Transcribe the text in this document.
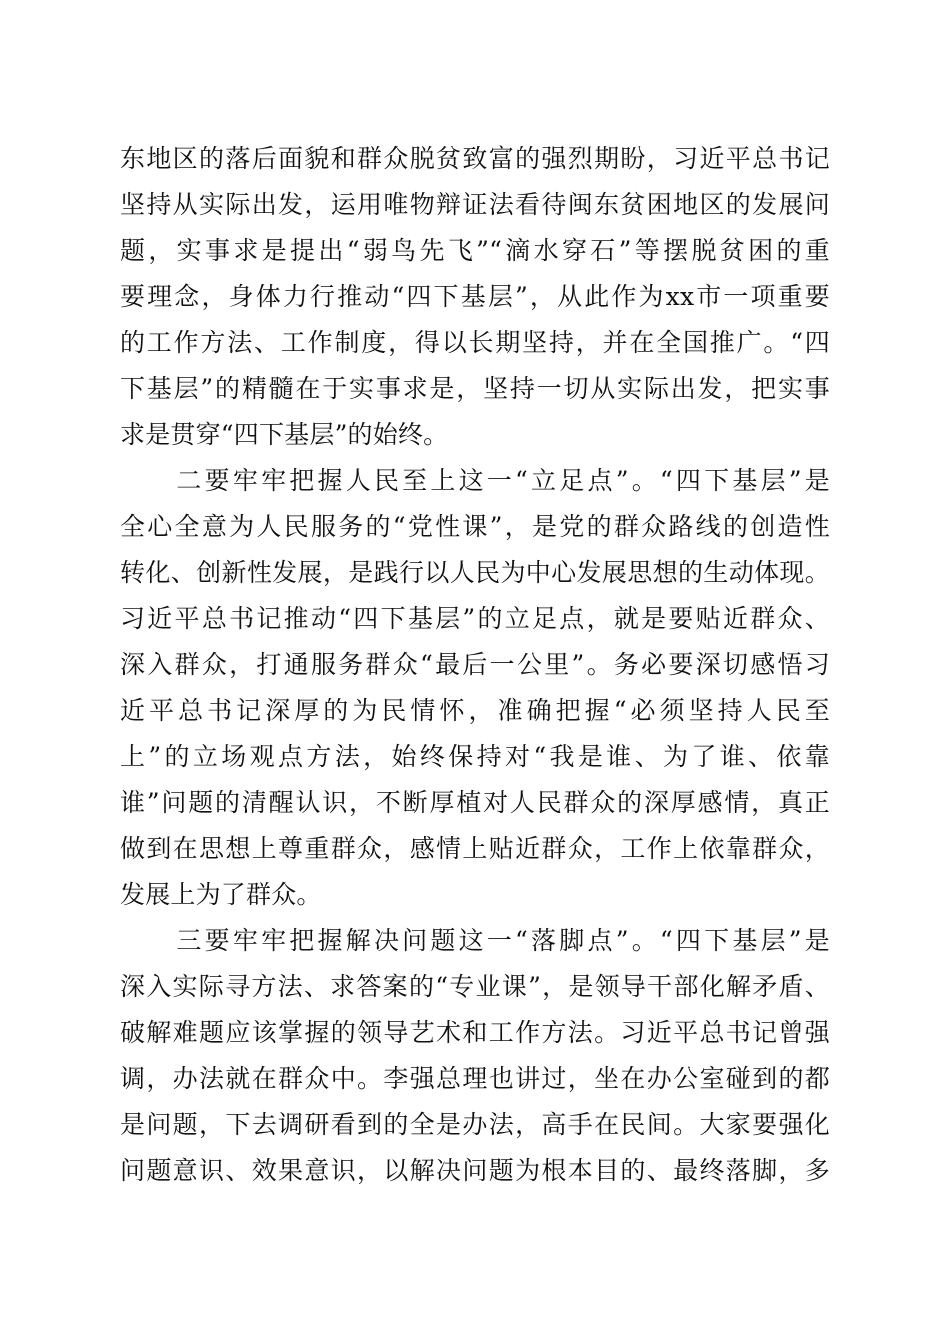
东地区的落后面貌和群众脱贫致富的强烈期盼，习近平总书记
坚持从实际出发，运用唯物辩证法看待闽东贫困地区的发展问
题，实事求是提出“弱鸟先飞”“滴水穿石”等摆脱贫困的重
要理念，身体力行推动“四下基层”，从此作为xx市一项重要
的工作方法、工作制度，得以长期坚持，并在全国推广。“四
下基层”的精髓在于实事求是，坚持一切从实际出发，把实事
求是贯穿“四下基层”的始终。
　　二要牢牢把握人民至上这一“立足点”。“四下基层”是
全心全意为人民服务的“党性课”，是党的群众路线的创造性
转化、创新性发展，是践行以人民为中心发展思想的生动体现。
习近平总书记推动“四下基层”的立足点，就是要贴近群众、
深入群众，打通服务群众“最后一公里”。务必要深切感悟习
近平总书记深厚的为民情怀，准确把握“必须坚持人民至
上”的立场观点方法，始终保持对“我是谁、为了谁、依靠
谁”问题的清醒认识，不断厚植对人民群众的深厚感情，真正
做到在思想上尊重群众，感情上贴近群众，工作上依靠群众，
发展上为了群众。
　　三要牢牢把握解决问题这一“落脚点”。“四下基层”是
深入实际寻方法、求答案的“专业课”，是领导干部化解矛盾、
破解难题应该掌握的领导艺术和工作方法。习近平总书记曾强
调，办法就在群众中。李强总理也讲过，坐在办公室碰到的都
是问题，下去调研看到的全是办法，高手在民间。大家要强化
问题意识、效果意识，以解决问题为根本目的、最终落脚，多
